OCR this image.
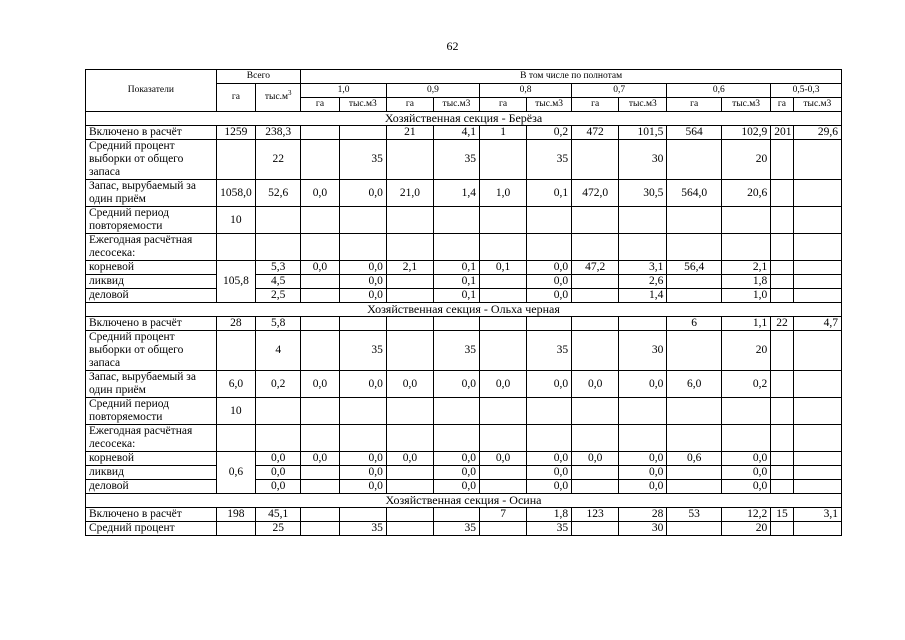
62
Показатели	Всего		В том числе по полнотам											
	га	$тыс.м^3$	1,0		0,9		0,8		0,7		0,6		0,5-0,3	
			га	тыс.м3	га	тыс.м3	га	тыс.м3	га	тыс.м3	га	тыс.м3	га	тыс.м3
Хозяйственная секция - Берёза														
Включено в расчёт	1259	238,3			21	4,1	1	0,2	472	101,5	564	102,9	201	29,6
Средний процент выборки от общего запаса		22		35		35		35		30		20		
Запас, вырубаемый за один приём	1058,0	52,6	0,0	0,0	21,0	1,4	1,0	0,1	472,0	30,5	564,0	20,6		
Средний период повторяемости	10													
Ежегодная расчётная лесосека:														
корневой	105,8	5,3	0,0	0,0	2,1	0,1	0,1	0,0	47,2	3,1	56,4	2,1		
ликвид		4,5		0,0		0,1		0,0		2,6		1,8		
деловой		2,5		0,0		0,1		0,0		1,4		1,0		
Хозяйственная секция - Ольха черная														
Включено в расчёт	28	5,8									6	1,1	22	4,7
Средний процент выборки от общего запаса		4		35		35		35		30		20		
Запас, вырубаемый за один приём	6,0	0,2	0,0	0,0	0,0	0,0	0,0	0,0	0,0	0,0	6,0	0,2		
Средний период повторяемости	10													
Ежегодная расчётная лесосека:														
корневой	0,6	0,0	0,0	0,0	0,0	0,0	0,0	0,0	0,0	0,0	0,6	0,0		
ликвид		0,0		0,0		0,0		0,0		0,0		0,0		
деловой		0,0		0,0		0,0		0,0		0,0		0,0		
Хозяйственная секция - Осина														
Включено в расчёт	198	45,1					7	1,8	123	28	53	12,2	15	3,1
Средний процент		25		35		35		35		30		20		
